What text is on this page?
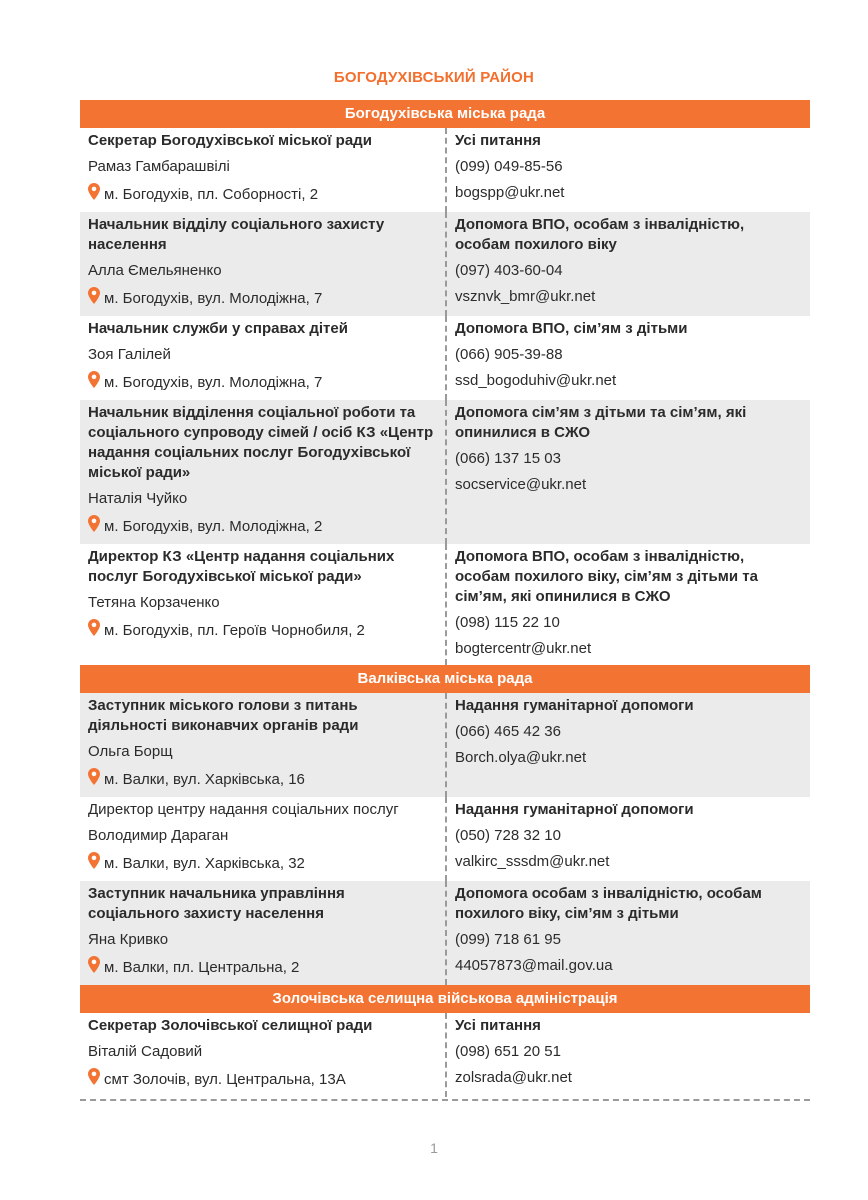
БОГОДУХІВСЬКИЙ РАЙОН
Богодухівська міська рада
Секретар Богодухівської міської ради
Рамаз Гамбарашвілі
м. Богодухів, пл. Соборності, 2
Усі питання
(099) 049-85-56
bogspp@ukr.net
Начальник відділу соціального захисту населення
Алла Ємельяненко
м. Богодухів, вул. Молодіжна, 7
Допомога ВПО, особам з інвалідністю, особам похилого віку
(097) 403-60-04
vsznvk_bmr@ukr.net
Начальник служби у справах дітей
Зоя Галілей
м. Богодухів, вул. Молодіжна, 7
Допомога ВПО, сім’ям з дітьми
(066) 905-39-88
ssd_bogoduhiv@ukr.net
Начальник відділення соціальної роботи та соціального супроводу сімей / осіб КЗ «Центр надання соціальних послуг Богодухівської міської ради»
Наталія Чуйко
м. Богодухів, вул. Молодіжна, 2
Допомога сім’ям з дітьми та сім’ям, які опинилися в СЖО
(066) 137 15 03
socservice@ukr.net
Директор КЗ «Центр надання соціальних послуг Богодухівської міської ради»
Тетяна Корзаченко
м. Богодухів, пл. Героїв Чорнобиля, 2
Допомога ВПО, особам з інвалідністю, особам похилого віку, сім’ям з дітьми та сім’ям, які опинилися в СЖО
(098) 115 22 10
bogtercentr@ukr.net
Валківська міська рада
Заступник міського голови з питань діяльності виконавчих органів ради
Ольга Борщ
м. Валки, вул. Харківська, 16
Надання гуманітарної допомоги
(066) 465 42 36
Borch.olya@ukr.net
Директор центру надання соціальних послуг
Володимир Дараган
м. Валки, вул. Харківська, 32
Надання гуманітарної допомоги
(050) 728 32 10
valkirc_sssdm@ukr.net
Заступник начальника управління соціального захисту населення
Яна Кривко
м. Валки, пл. Центральна, 2
Допомога особам з інвалідністю, особам похилого віку, сім’ям з дітьми
(099) 718 61 95
44057873@mail.gov.ua
Золочівська селищна військова адміністрація
Секретар Золочівської селищної ради
Віталій Садовий
смт Золочів, вул. Центральна, 13А
Усі питання
(098) 651 20 51
zolsrada@ukr.net
1
